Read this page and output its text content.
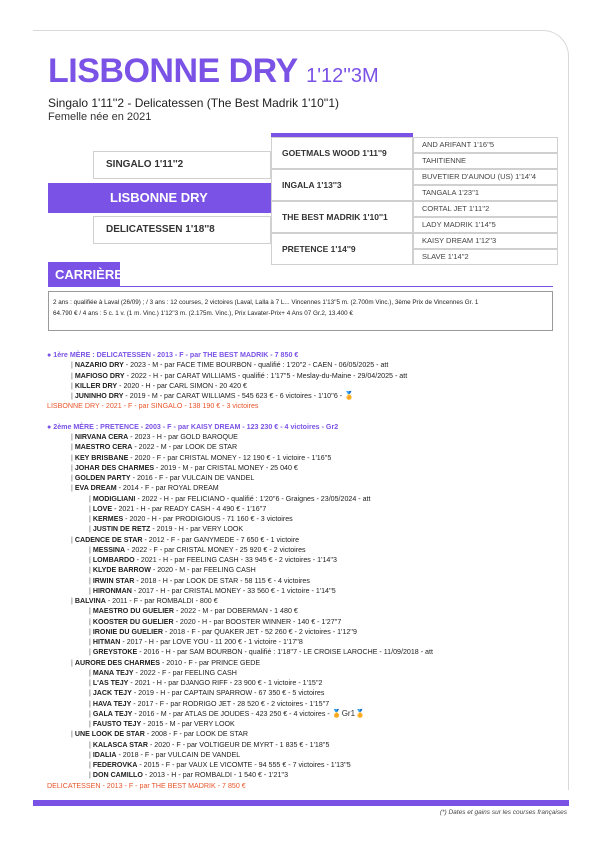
LISBONNE DRY 1'12''3M
Singalo 1'11''2 - Delicatessen (The Best Madrik 1'10''1)
Femelle née en 2021
SINGALO 1'11''2
LISBONNE DRY
DELICATESSEN 1'18''8
GOETMALS WOOD 1'11''9
INGALA 1'13''3
THE BEST MADRIK 1'10''1
PRETENCE 1'14''9
AND ARIFANT 1'16''5
TAHITIENNE
BUVETIER D'AUNOU (US) 1'14''4
TANGALA 1'23''1
CORTAL JET 1'11''2
LADY MADRIK 1'14''5
KAISY DREAM 1'12''3
SLAVE 1'14''2
CARRIÈRE
2 ans : qualifiée à Laval (26/09) ; / 3 ans : 12 courses, 2 victoires (Laval, Lalla à 7 L... Vincennes 1'13''5 m. (2.700m Vinc.), 3ème Prix de Vincennes Gr. 1
64.790 € / 4 ans : 5 c. 1 v. (1 m. Vinc.) 1'12''3 m. (2.175m. Vinc.), Prix Lavater-Prix+ 4 Ans 07 Gr.2, 13.400 €
● 1ère MÈRE : DELICATESSEN - 2013 - F - par THE BEST MADRIK - 7 850 €
| NAZARIO DRY - 2023 - M - par FACE TIME BOURBON - qualifié : 1'20''2 - CAEN - 06/05/2025 - att
| MAFIOSO DRY - 2022 - H - par CARAT WILLIAMS - qualifié : 1'17''5 - Meslay-du-Maine - 29/04/2025 - att
| KILLER DRY - 2020 - H - par CARL SIMON - 20 420 €
| JUNINHO DRY - 2019 - M - par CARAT WILLIAMS - 545 623 € - 6 victoires - 1'10''6 - 🏅
LISBONNE DRY - 2021 - F - par SINGALO - 138 190 € - 3 victoires
● 2ème MÈRE : PRETENCE - 2003 - F - par KAISY DREAM - 123 230 € - 4 victoires - Gr2
| NIRVANA CERA - 2023 - H - par GOLD BAROQUE
| MAESTRO CERA - 2022 - M - par LOOK DE STAR
| KEY BRISBANE - 2020 - F - par CRISTAL MONEY - 12 190 € - 1 victoire - 1'16''5
| JOHAR DES CHARMES - 2019 - M - par CRISTAL MONEY - 25 040 €
| GOLDEN PARTY - 2016 - F - par VULCAIN DE VANDEL
| EVA DREAM - 2014 - F - par ROYAL DREAM
| MODIGLIANI - 2022 - H - par FELICIANO - qualifié : 1'20''6 - Graignes - 23/05/2024 - att
| LOVE - 2021 - H - par READY CASH - 4 490 € - 1'16''7
| KERMES - 2020 - H - par PRODIGIOUS - 71 160 € - 3 victoires
| JUSTIN DE RETZ - 2019 - H - par VERY LOOK
| CADENCE DE STAR - 2012 - F - par GANYMEDE - 7 650 € - 1 victoire
| MESSINA - 2022 - F - par CRISTAL MONEY - 25 920 € - 2 victoires
| LOMBARDO - 2021 - H - par FEELING CASH - 33 945 € - 2 victoires - 1'14''3
| KLYDE BARROW - 2020 - M - par FEELING CASH
| IRWIN STAR - 2018 - H - par LOOK DE STAR - 58 115 € - 4 victoires
| HIRONMAN - 2017 - H - par CRISTAL MONEY - 33 560 € - 1 victoire - 1'14''5
| BALVINA - 2011 - F - par ROMBALDI - 800 €
| MAESTRO DU GUELIER - 2022 - M - par DOBERMAN - 1 480 €
| KOOSTER DU GUELIER - 2020 - H - par BOOSTER WINNER - 140 € - 1'27''7
| IRONIE DU GUELIER - 2018 - F - par QUAKER JET - 52 260 € - 2 victoires - 1'12''9
| HITMAN - 2017 - H - par LOVE YOU - 11 200 € - 1 victoire - 1'17''8
| GREYSTOKE - 2016 - H - par SAM BOURBON - qualifié : 1'18''7 - LE CROISE LAROCHE - 11/09/2018 - att
| AURORE DES CHARMES - 2010 - F - par PRINCE GEDE
| MANA TEJY - 2022 - F - par FEELING CASH
| L'AS TEJY - 2021 - H - par DJANGO RIFF - 23 900 € - 1 victoire - 1'15''2
| JACK TEJY - 2019 - H - par CAPTAIN SPARROW - 67 350 € - 5 victoires
| HAVA TEJY - 2017 - F - par RODRIGO JET - 28 520 € - 2 victoires - 1'15''7
| GALA TEJY - 2016 - M - par ATLAS DE JOUDES - 423 250 € - 4 victoires - 🏅Gr1🏅
| FAUSTO TEJY - 2015 - M - par VERY LOOK
| UNE LOOK DE STAR - 2008 - F - par LOOK DE STAR
| KALASCA STAR - 2020 - F - par VOLTIGEUR DE MYRT - 1 835 € - 1'18''5
| IDALIA - 2018 - F - par VULCAIN DE VANDEL
| FEDEROVKA - 2015 - F - par VAUX LE VICOMTE - 94 555 € - 7 victoires - 1'13''5
| DON CAMILLO - 2013 - H - par ROMBALDI - 1 540 € - 1'21''3
DELICATESSEN - 2013 - F - par THE BEST MADRIK - 7 850 €
(*) Dates et gains sur les courses françaises
